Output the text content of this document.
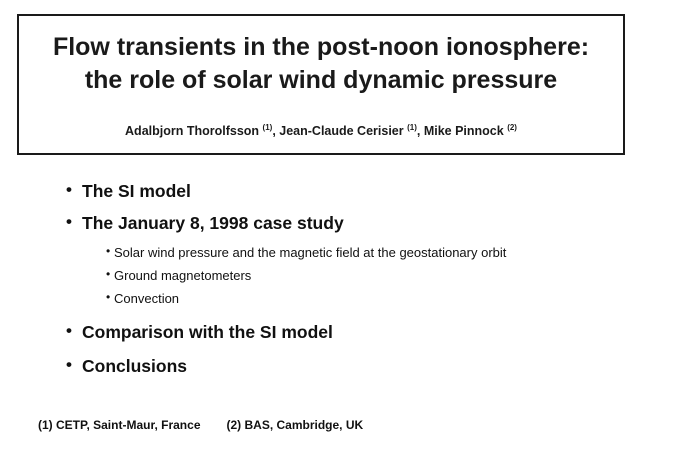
Flow transients in the post-noon ionosphere:
the role of solar wind dynamic pressure
Adalbjorn Thorolfsson $^{(1)}$, Jean-Claude Cerisier $^{(1)}$, Mike Pinnock $^{(2)}$
• The SI model
• The January 8, 1998 case study
• Solar wind pressure and the magnetic field at the geostationary orbit
• Ground magnetometers
• Convection
• Comparison with the SI model
• Conclusions
(1) CETP, Saint-Maur, France (2) BAS, Cambridge, UK
